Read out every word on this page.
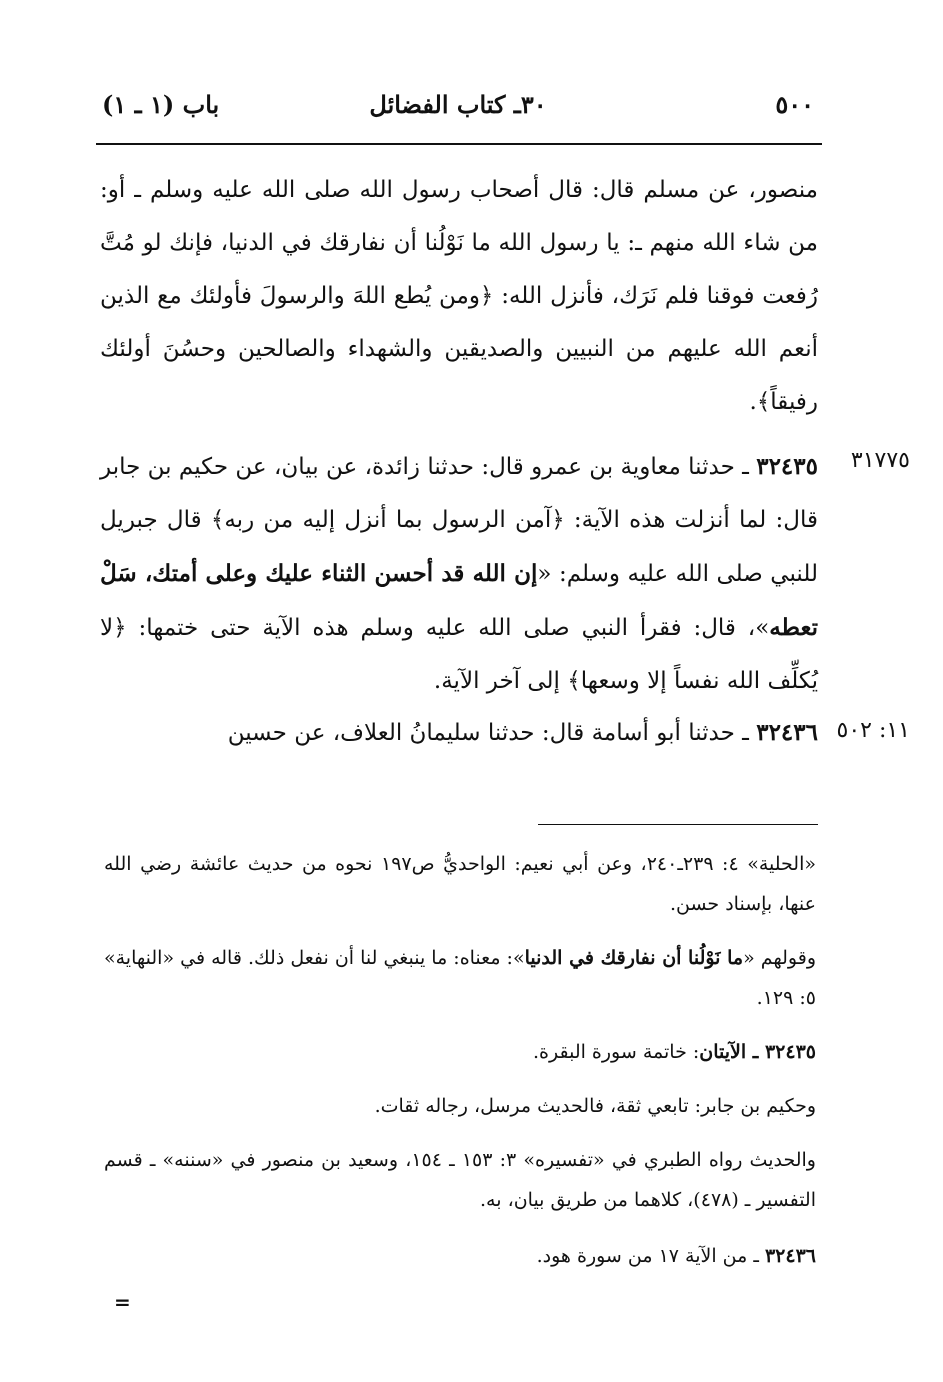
٥٠٠
٣٠ـ كتاب الفضائل
باب (١ ـ ١)
منصور، عن مسلم قال: قال أصحاب رسول الله صلى الله عليه وسلم ـ أو: من شاء الله منهم ـ: يا رسول الله ما نَوْلُنا أن نفارقك في الدنيا، فإنك لو مُتَّ رُفعت فوقنا فلم نَرَك، فأنزل الله: ﴿ومن يُطع اللهَ والرسولَ فأولئك مع الذين أنعم الله عليهم من النبيين والصديقين والشهداء والصالحين وحسُنَ أولئك رفيقاً﴾.
٣١٧٧٥
٣٢٤٣٥ ـ حدثنا معاوية بن عمرو قال: حدثنا زائدة، عن بيان، عن حكيم بن جابر قال: لما أنزلت هذه الآية: ﴿آمن الرسول بما أنزل إليه من ربه﴾ قال جبريل للنبي صلى الله عليه وسلم: «إن الله قد أحسن الثناء عليك وعلى أمتك، سَلْ تعطه»، قال: فقرأ النبي صلى الله عليه وسلم هذه الآية حتى ختمها: ﴿لا يُكلِّف الله نفساً إلا وسعها﴾ إلى آخر الآية.
١١: ٥٠٢
٣٢٤٣٦ ـ حدثنا أبو أسامة قال: حدثنا سليمانُ العلاف، عن حسين
«الحلية» ٤: ٢٣٩ـ٢٤٠، وعن أبي نعيم: الواحديُّ ص١٩٧ نحوه من حديث عائشة رضي الله عنها، بإسناد حسن.
وقولهم «ما نَوْلُنا أن نفارقك في الدنيا»: معناه: ما ينبغي لنا أن نفعل ذلك. قاله في «النهاية» ٥: ١٢٩.
٣٢٤٣٥ ـ الآيتان: خاتمة سورة البقرة.
وحكيم بن جابر: تابعي ثقة، فالحديث مرسل، رجاله ثقات.
والحديث رواه الطبري في «تفسيره» ٣: ١٥٣ ـ ١٥٤، وسعيد بن منصور في «سننه» ـ قسم التفسير ـ (٤٧٨)، كلاهما من طريق بيان، به.
٣٢٤٣٦ ـ من الآية ١٧ من سورة هود.
=
